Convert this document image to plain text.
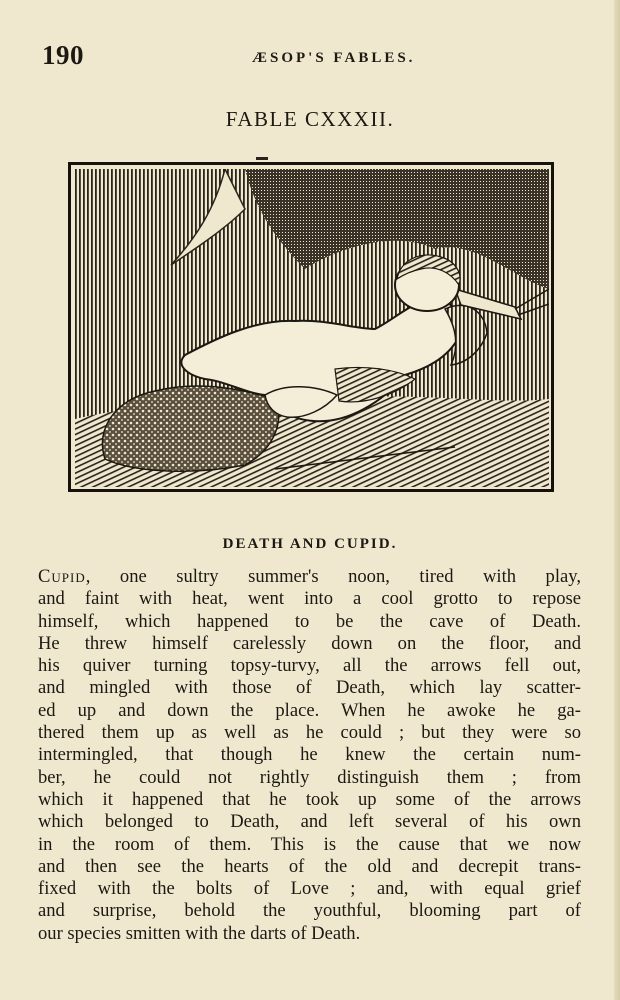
190	ÆSOP'S FABLES.
FABLE CXXXII.
DEATH AND CUPID.
Cupid, one sultry summer's noon, tired with play,
and faint with heat, went into a cool grotto to repose
himself, which happened to be the cave of Death.
He threw himself carelessly down on the floor, and
his quiver turning topsy-turvy, all the arrows fell out,
and mingled with those of Death, which lay scatter-
ed up and down the place. When he awoke he ga-
thered them up as well as he could ; but they were so
intermingled, that though he knew the certain num-
ber, he could not rightly distinguish them ; from
which it happened that he took up some of the arrows
which belonged to Death, and left several of his own
in the room of them. This is the cause that we now
and then see the hearts of the old and decrepit trans-
fixed with the bolts of Love ; and, with equal grief
and surprise, behold the youthful, blooming part of
our species smitten with the darts of Death.
